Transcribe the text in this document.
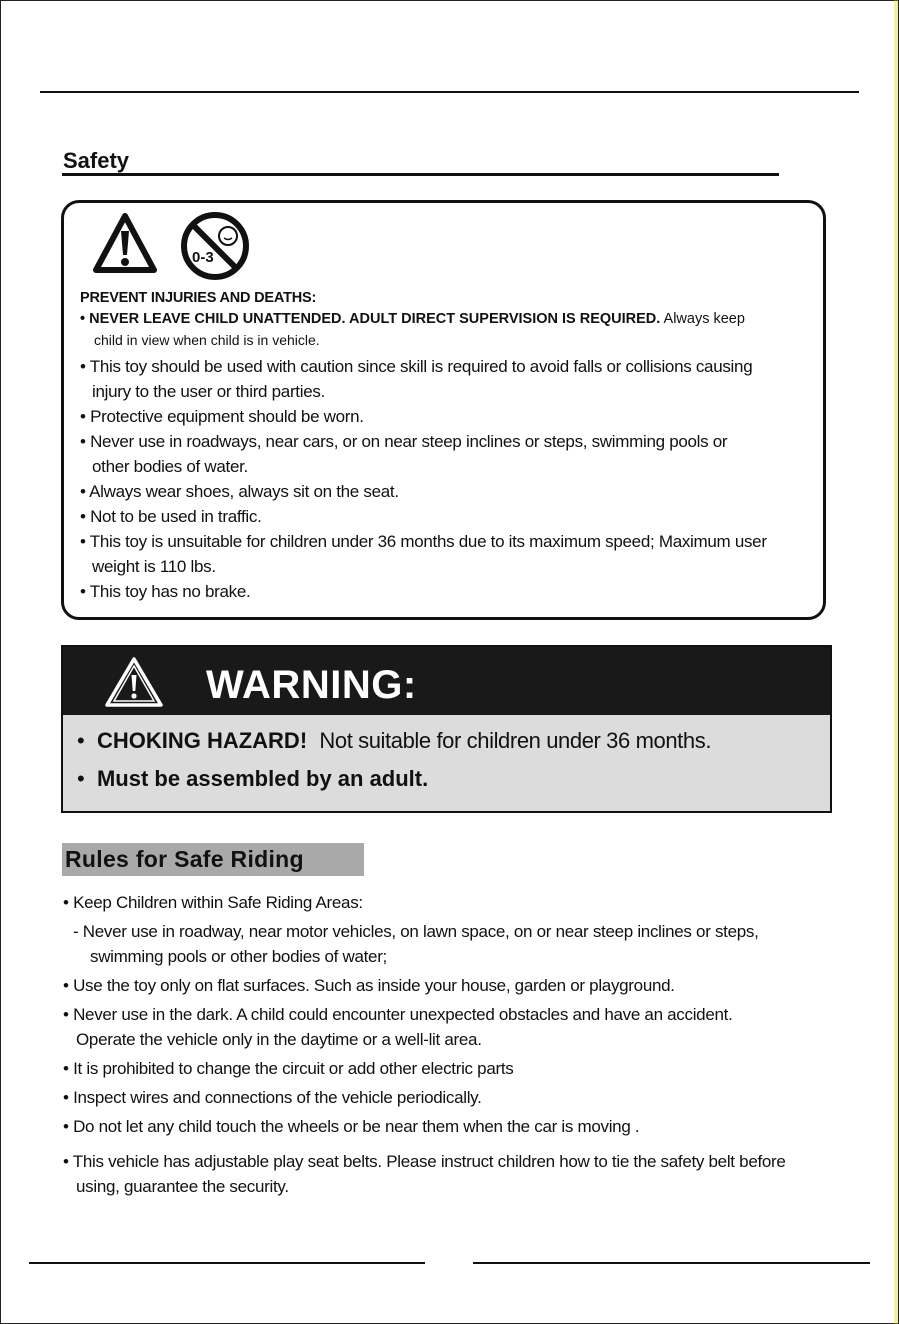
Safety
0-3

PREVENT INJURIES AND DEATHS:

• NEVER LEAVE CHILD UNATTENDED. ADULT DIRECT SUPERVISION IS REQUIRED. Always keep
child in view when child is in vehicle.

• This toy should be used with caution since skill is required to avoid falls or collisions causing
injury to the user or third parties.

• Protective equipment should be worn.

• Never use in roadways, near cars, or on near steep inclines or steps, swimming pools or
other bodies of water.

• Always wear shoes, always sit on the seat.

• Not to be used in traffic.

• This toy is unsuitable for children under 36 months due to its maximum speed; Maximum user
weight is 110 lbs.

• This toy has no brake.

WARNING:
• CHOKING HAZARD! Not suitable for children under 36 months.
• Must be assembled by an adult.
Rules for Safe Riding

• Keep Children within Safe Riding Areas:

- Never use in roadway, near motor vehicles, on lawn space, on or near steep inclines or steps,
swimming pools or other bodies of water;

• Use the toy only on flat surfaces. Such as inside your house, garden or playground.

• Never use in the dark. A child could encounter unexpected obstacles and have an accident.
Operate the vehicle only in the daytime or a well-lit area.

• It is prohibited to change the circuit or add other electric parts

• Inspect wires and connections of the vehicle periodically.

• Do not let any child touch the wheels or be near them when the car is moving .

• This vehicle has adjustable play seat belts. Please instruct children how to tie the safety belt before
using, guarantee the security.
